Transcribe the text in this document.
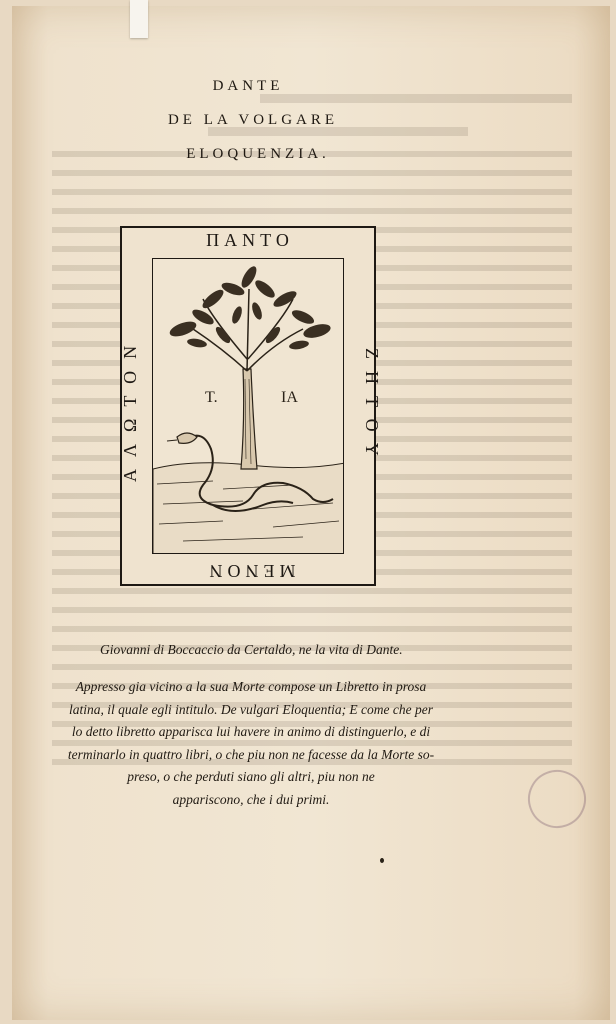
DANTE
DE LA VOLGARE
ELOQUENZIA.
ΠΑΝΤΟ
ΖΗΤΟΥ
ΜΕΝΟΝ
ΑΛΩΤΟΝ	T.	IA
Giovanni di Boccaccio da Certaldo, ne la vita di Dante.
Appresso gia vicino a la sua Morte compose un Libretto in prosa
latina, il quale egli intitulo. De vulgari Eloquentia; E come che per
lo detto libretto apparisca lui havere in animo di distinguerlo, e di
terminarlo in quattro libri, o che piu non ne facesse da la Morte so-
preso, o che perduti siano gli altri, piu non ne
appariscono, che i dui primi.
